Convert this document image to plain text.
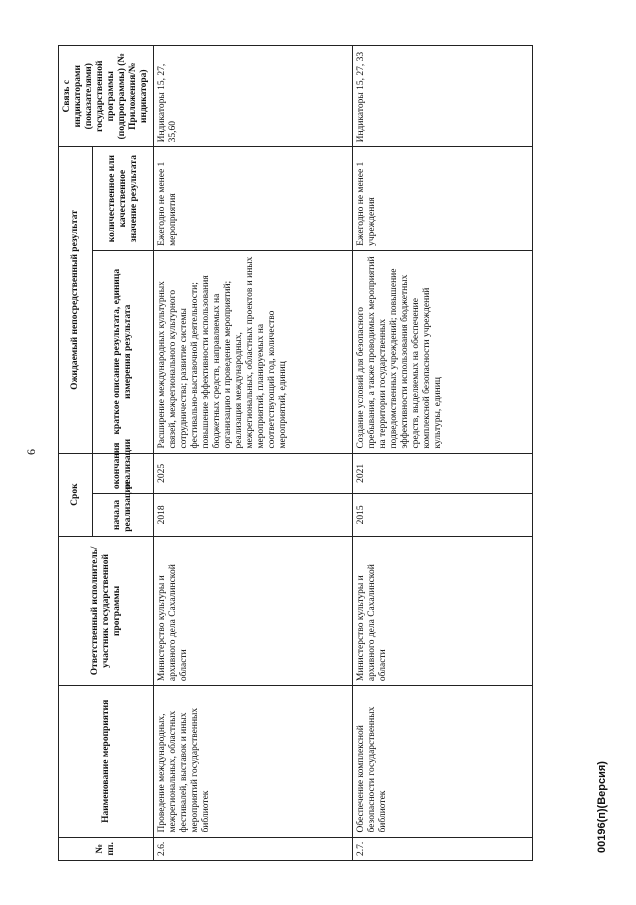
6
№ пп.	Наименование мероприятия	Ответственный исполнитель/участник государственной программы	Срок		Ожидаемый непосредственный результат		Связь с индикаторами (показателями) государственной программы (подпрограммы) (№ Приложения/№ индикатора)
			начала реализации	окончания реализации	краткое описание результата, единица измерения результата	количественное или качественное значение результата	
2.6.	Проведение международных, межрегиональных, областных фестивалей, выставок и иных мероприятий государственных библиотек	Министерство культуры и архивного дела Сахалинской области	2018	2025	Расширение международных культурных связей, межрегионального культурного сотрудничества; развитие системы фестивально-выставочной деятельности; повышение эффективности использования бюджетных средств, направляемых на организацию и проведение мероприятий; реализация международных, межрегиональных, областных проектов и иных мероприятий, планируемых на соответствующий год, количество мероприятий, единиц	Ежегодно не менее 1 мероприятия	Индикаторы 15, 27, 35,60
2.7.	Обеспечение комплексной безопасности государственных библиотек	Министерство культуры и архивного дела Сахалинской области	2015	2021	Создание условий для безопасного пребывания, а также проводимых мероприятий на территории государственных подведомственных учреждений; повышение эффективности использования бюджетных средств, выделяемых на обеспечение комплексной безопасности учреждений культуры, единиц	Ежегодно не менее 1 учреждения	Индикаторы 15, 27, 33
00196(п)(Версия)
